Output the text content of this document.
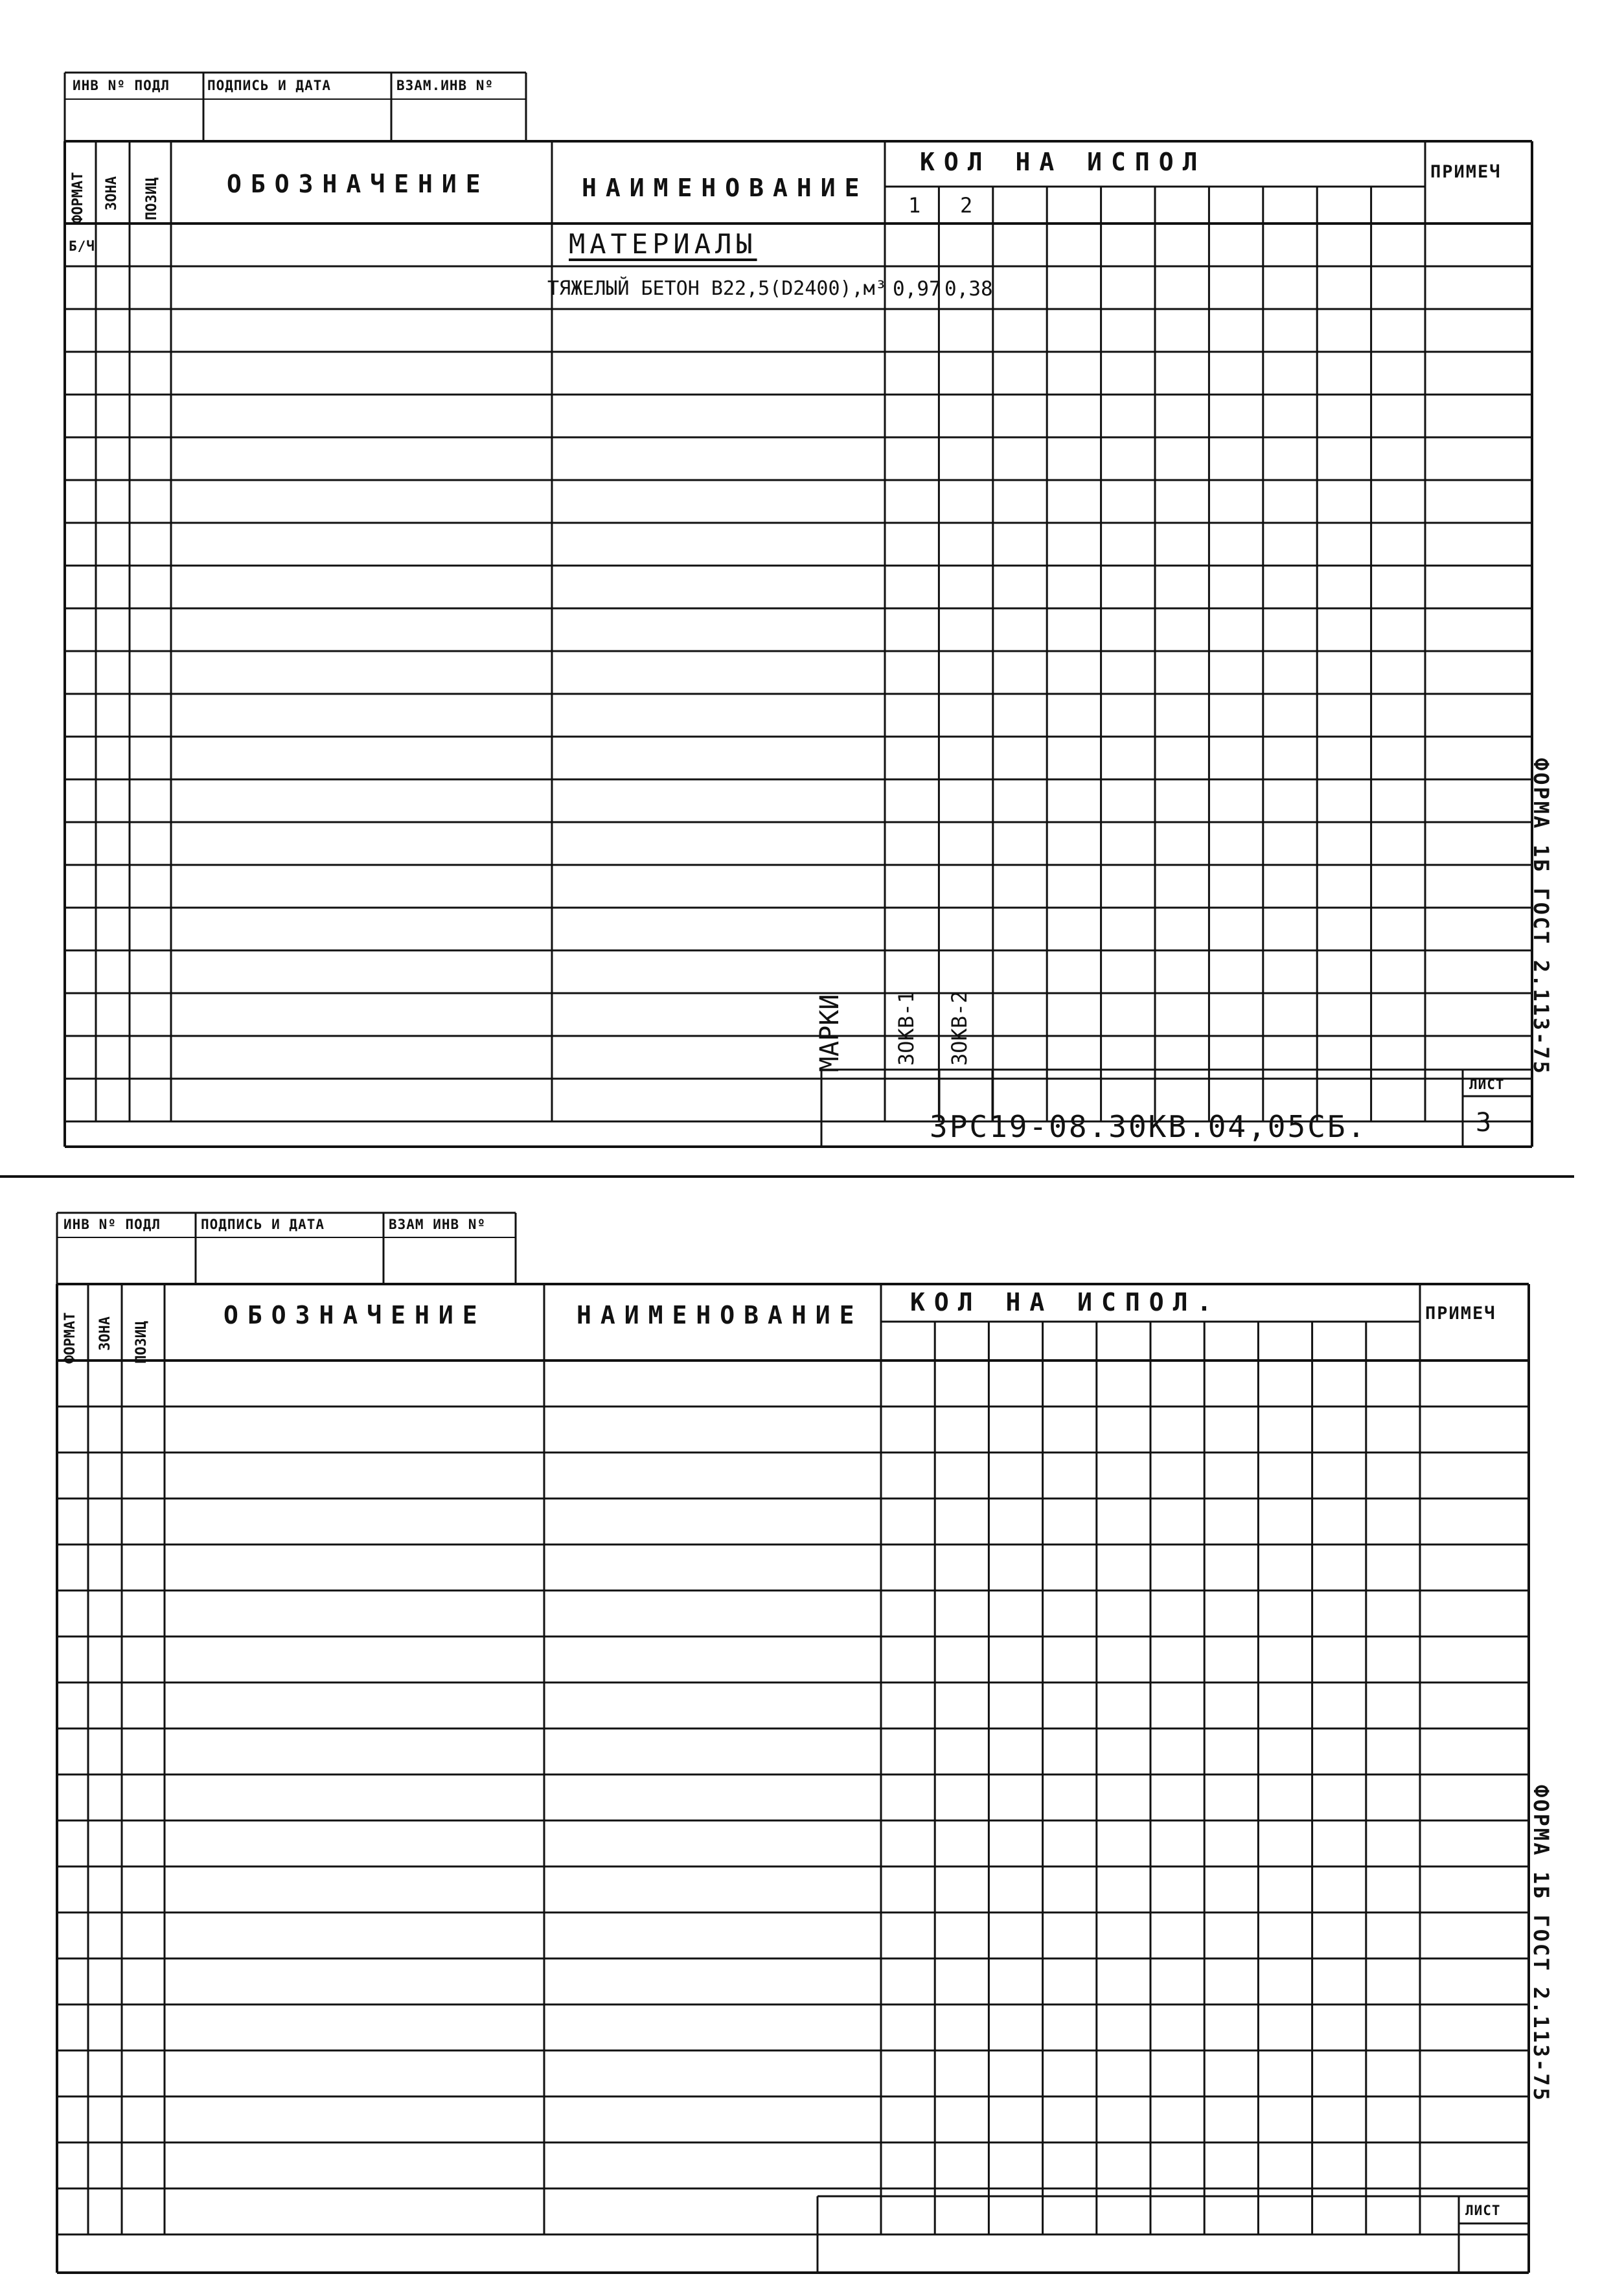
ИНВ Nº ПОДЛ	ПОДПИСЬ И ДАТА	ВЗАМ.ИНВ Nº
ФОРМАТ ЗОНА ПОЗИЦ	ОБОЗНАЧЕНИЕ	НАИМЕНОВАНИЕ
КОЛ НА ИСПОЛ	ПРИМЕЧ
1 2
Б/Ч	МАТЕРИАЛЫ
ТЯЖЕЛЫЙ БЕТОН В22,5(D2400),м³ 0,97 0,38
МАРКИ ЗОКВ-1 ЗОКВ-2
ЗРС19-08.30КВ.04,05СБ.
ЛИСТ
3
ФОРМА 1Б ГОСТ 2.113-75
ИНВ Nº ПОДЛ	ПОДПИСЬ И ДАТА	ВЗАМ ИНВ Nº
ФОРМАТ ЗОНА ПОЗИЦ
ОБОЗНАЧЕНИЕ	НАИМЕНОВАНИЕ КОЛ НА ИСПОЛ.	ПРИМЕЧ
ЛИСТ
ФОРМА 1Б ГОСТ 2.113-75
